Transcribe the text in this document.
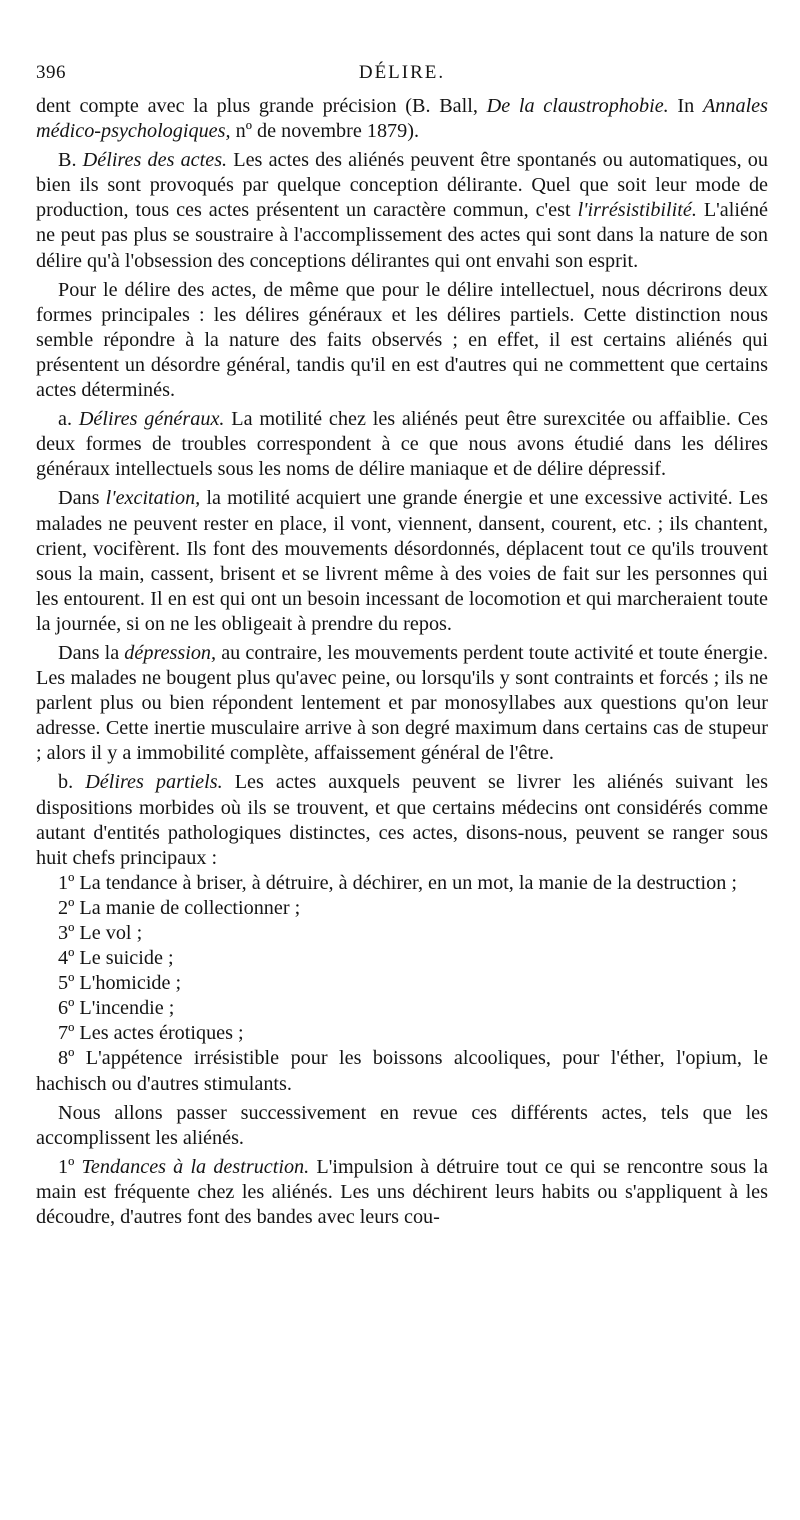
396	DÉLIRE.

dent compte avec la plus grande précision (B. Ball, De la claustrophobie. In Annales médico-psychologiques, nº de novembre 1879).

B. Délires des actes. Les actes des aliénés peuvent être spontanés ou automatiques, ou bien ils sont provoqués par quelque conception délirante. Quel que soit leur mode de production, tous ces actes présentent un caractère commun, c'est l'irrésistibilité. L'aliéné ne peut pas plus se soustraire à l'accomplissement des actes qui sont dans la nature de son délire qu'à l'obsession des conceptions délirantes qui ont envahi son esprit.

Pour le délire des actes, de même que pour le délire intellectuel, nous décrirons deux formes principales : les délires généraux et les délires partiels. Cette distinction nous semble répondre à la nature des faits observés ; en effet, il est certains aliénés qui présentent un désordre général, tandis qu'il en est d'autres qui ne commettent que certains actes déterminés.

a. Délires généraux. La motilité chez les aliénés peut être surexcitée ou affaiblie. Ces deux formes de troubles correspondent à ce que nous avons étudié dans les délires généraux intellectuels sous les noms de délire maniaque et de délire dépressif.

Dans l'excitation, la motilité acquiert une grande énergie et une excessive activité. Les malades ne peuvent rester en place, il vont, viennent, dansent, courent, etc. ; ils chantent, crient, vocifèrent. Ils font des mouvements désordonnés, déplacent tout ce qu'ils trouvent sous la main, cassent, brisent et se livrent même à des voies de fait sur les personnes qui les entourent. Il en est qui ont un besoin incessant de locomotion et qui marcheraient toute la journée, si on ne les obligeait à prendre du repos.

Dans la dépression, au contraire, les mouvements perdent toute activité et toute énergie. Les malades ne bougent plus qu'avec peine, ou lorsqu'ils y sont contraints et forcés ; ils ne parlent plus ou bien répondent lentement et par monosyllabes aux questions qu'on leur adresse. Cette inertie musculaire arrive à son degré maximum dans certains cas de stupeur ; alors il y a immobilité complète, affaissement général de l'être.

b. Délires partiels. Les actes auxquels peuvent se livrer les aliénés suivant les dispositions morbides où ils se trouvent, et que certains médecins ont considérés comme autant d'entités pathologiques distinctes, ces actes, disons-nous, peuvent se ranger sous huit chefs principaux :

1º La tendance à briser, à détruire, à déchirer, en un mot, la manie de la destruction ;

2º La manie de collectionner ;

3º Le vol ;

4º Le suicide ;

5º L'homicide ;

6º L'incendie ;

7º Les actes érotiques ;

8º L'appétence irrésistible pour les boissons alcooliques, pour l'éther, l'opium, le hachisch ou d'autres stimulants.

Nous allons passer successivement en revue ces différents actes, tels que les accomplissent les aliénés.

1º Tendances à la destruction. L'impulsion à détruire tout ce qui se rencontre sous la main est fréquente chez les aliénés. Les uns déchirent leurs habits ou s'appliquent à les découdre, d'autres font des bandes avec leurs cou-
